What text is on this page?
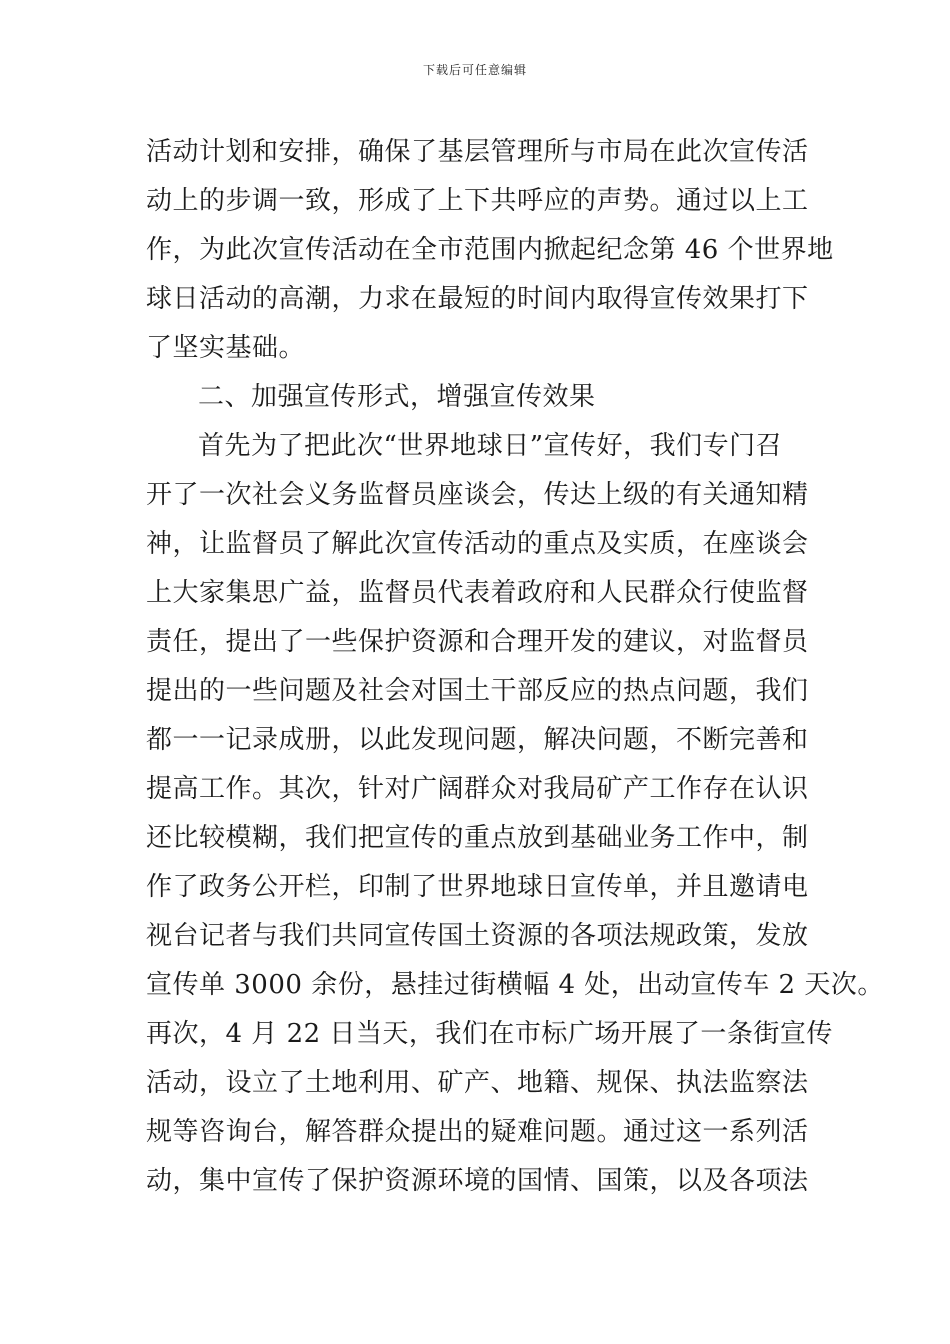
下载后可任意编辑
活动计划和安排，确保了基层管理所与市局在此次宣传活
动上的步调一致，形成了上下共呼应的声势。通过以上工
作，为此次宣传活动在全市范围内掀起纪念第 46 个世界地
球日活动的高潮，力求在最短的时间内取得宣传效果打下
了坚实基础。
二、加强宣传形式，增强宣传效果
首先为了把此次“世界地球日”宣传好，我们专门召
开了一次社会义务监督员座谈会，传达上级的有关通知精
神，让监督员了解此次宣传活动的重点及实质，在座谈会
上大家集思广益，监督员代表着政府和人民群众行使监督
责任，提出了一些保护资源和合理开发的建议，对监督员
提出的一些问题及社会对国土干部反应的热点问题，我们
都一一记录成册，以此发现问题，解决问题，不断完善和
提高工作。其次，针对广阔群众对我局矿产工作存在认识
还比较模糊，我们把宣传的重点放到基础业务工作中，制
作了政务公开栏，印制了世界地球日宣传单，并且邀请电
视台记者与我们共同宣传国土资源的各项法规政策，发放
宣传单 3000 余份，悬挂过街横幅 4 处，出动宣传车 2 天次。
再次，4 月 22 日当天，我们在市标广场开展了一条街宣传
活动，设立了土地利用、矿产、地籍、规保、执法监察法
规等咨询台，解答群众提出的疑难问题。通过这一系列活
动，集中宣传了保护资源环境的国情、国策，以及各项法
